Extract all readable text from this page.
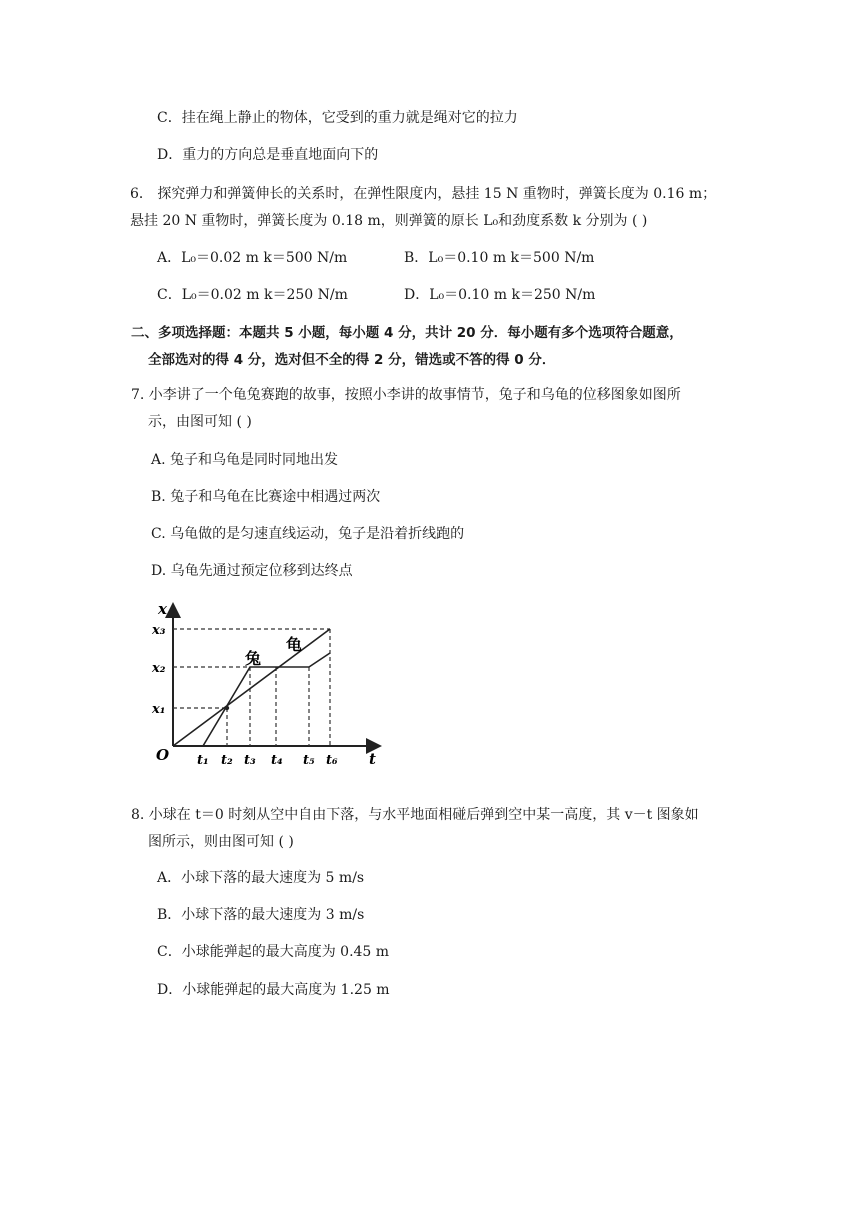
C．挂在绳上静止的物体，它受到的重力就是绳对它的拉力
D．重力的方向总是垂直地面向下的
6． 探究弹力和弹簧伸长的关系时，在弹性限度内，悬挂 15 N 重物时，弹簧长度为 0.16 m；
悬挂 20 N 重物时，弹簧长度为 0.18 m，则弹簧的原长 L₀和劲度系数 k 分别为 ( )
A．L₀＝0.02 m k＝500 N/m	B．L₀＝0.10 m k＝500 N/m
C．L₀＝0.02 m k＝250 N/m	D．L₀＝0.10 m k＝250 N/m
二、多项选择题：本题共 5 小题，每小题 4 分，共计 20 分．每小题有多个选项符合题意，
全部选对的得 4 分，选对但不全的得 2 分，错选或不答的得 0 分．
7. 小李讲了一个龟兔赛跑的故事，按照小李讲的故事情节，兔子和乌龟的位移图象如图所
示，由图可知 ( )
A. 兔子和乌龟是同时同地出发
B. 兔子和乌龟在比赛途中相遇过两次
C. 乌龟做的是匀速直线运动，兔子是沿着折线跑的
D. 乌龟先通过预定位移到达终点
x
x₃
x₂
x₁
O t₁ t₂ t₃ t₄ t₅ t₆ t
兔
龟
8. 小球在 t＝0 时刻从空中自由下落，与水平地面相碰后弹到空中某一高度，其 v－t 图象如
图所示，则由图可知 ( )
A．小球下落的最大速度为 5 m/s
B．小球下落的最大速度为 3 m/s
C．小球能弹起的最大高度为 0.45 m
D．小球能弹起的最大高度为 1.25 m
